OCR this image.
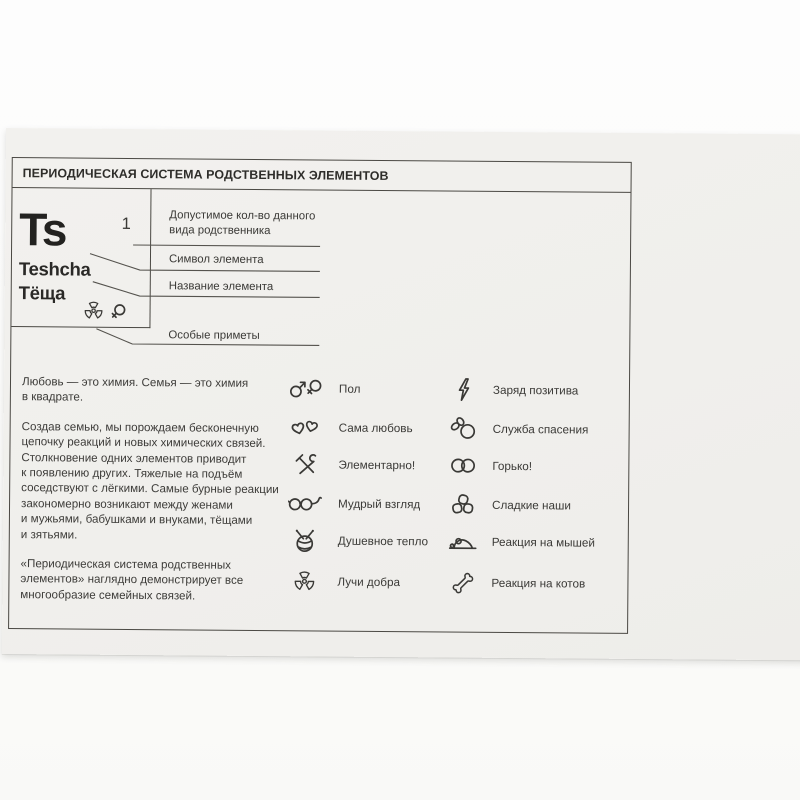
ПЕРИОДИЧЕСКАЯ СИСТЕМА РОДСТВЕННЫХ ЭЛЕМЕНТОВ
Ts	1
Teshcha
Тёща
Допустимое кол-во данного
вида родственника
Символ элемента
Название элемента
Особые приметы

Любовь — это химия. Семья — это химия
в квадрате.

Создав семью, мы порождаем бесконечную
цепочку реакций и новых химических связей.
Столкновение одних элементов приводит
к появлению других. Тяжелые на подъём
соседствуют с лёгкими. Самые бурные реакции
закономерно возникают между женами
и мужьями, бабушками и внуками, тёщами
и зятьями.

«Периодическая система родственных
элементов» наглядно демонстрирует все
многообразие семейных связей.

Пол
Сама любовь
Элементарно!
Мудрый взгляд
Душевное тепло
Лучи добра
Заряд позитива
Служба спасения
Горько!
Сладкие наши
Реакция на мышей
Реакция на котов
